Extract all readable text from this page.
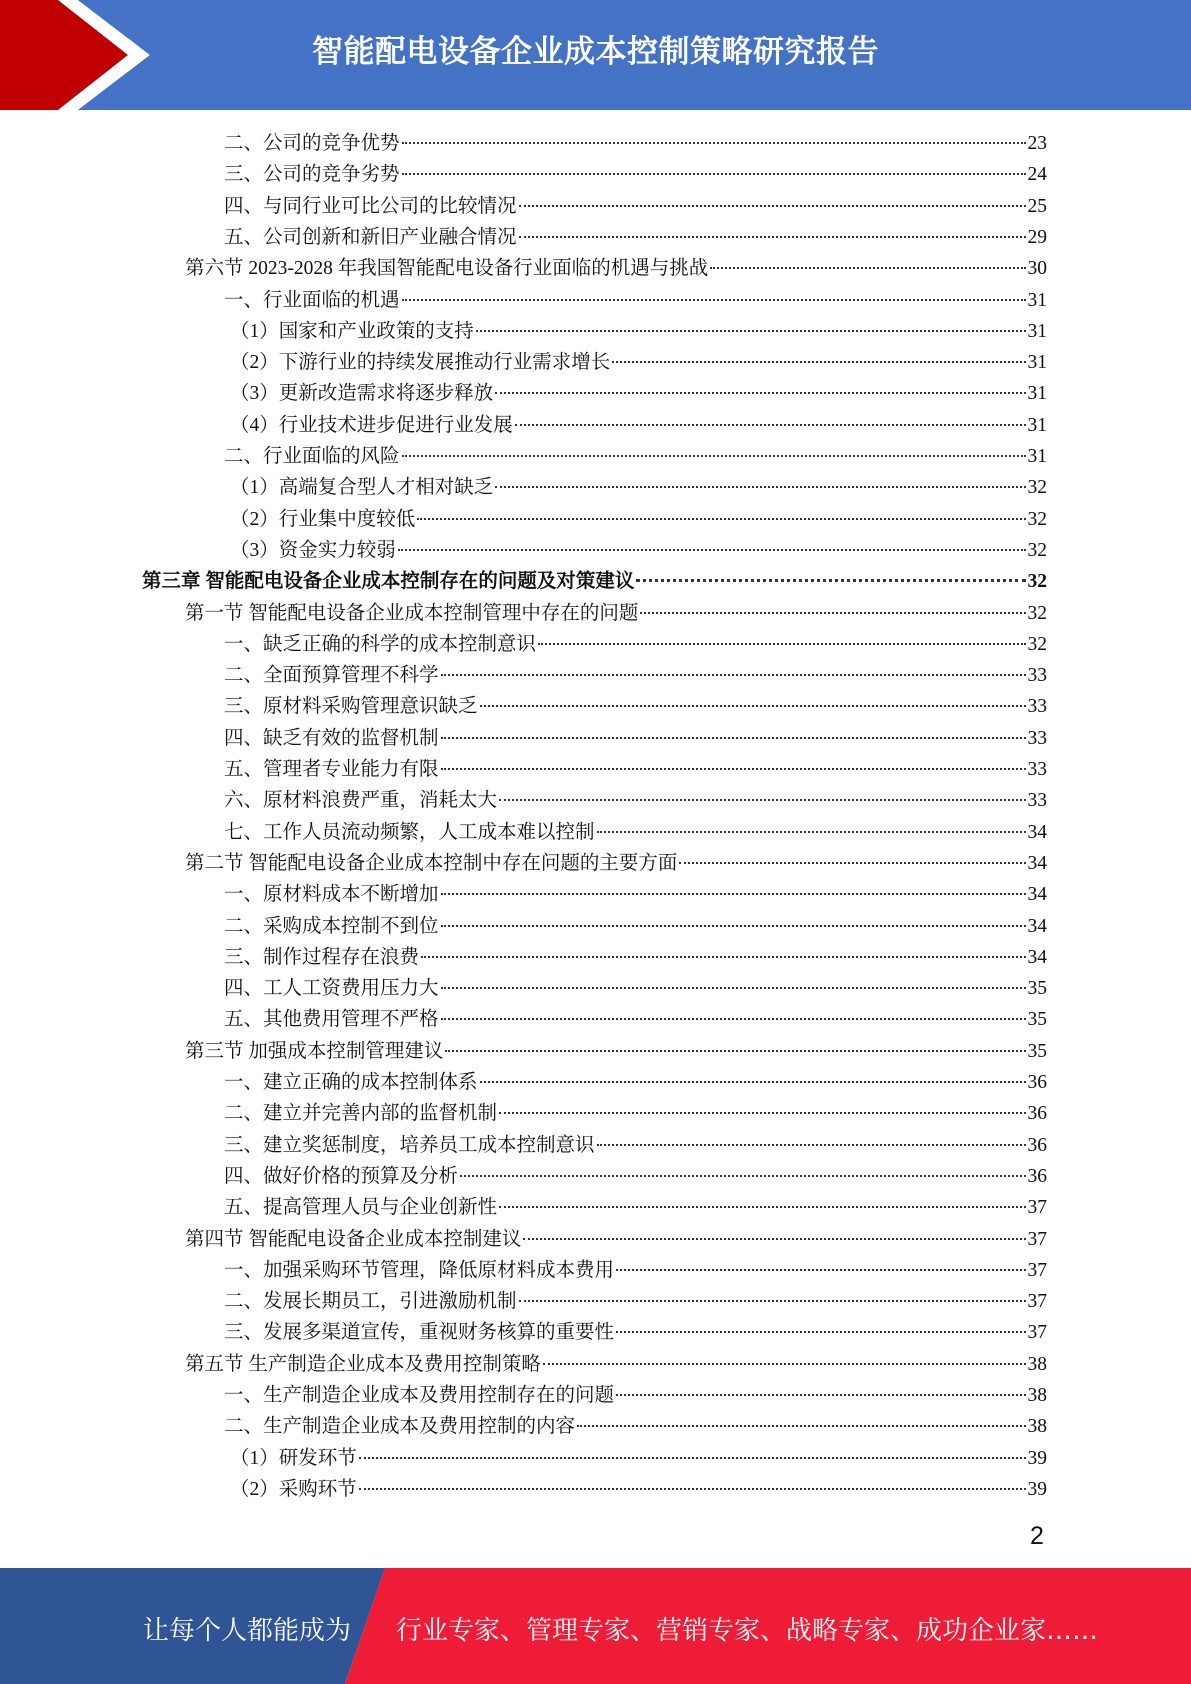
智能配电设备企业成本控制策略研究报告
二、公司的竞争优势	23
三、公司的竞争劣势	24
四、与同行业可比公司的比较情况	25
五、公司创新和新旧产业融合情况	29
第六节 2023-2028 年我国智能配电设备行业面临的机遇与挑战	30
一、行业面临的机遇	31
（1）国家和产业政策的支持	31
（2）下游行业的持续发展推动行业需求增长	31
（3）更新改造需求将逐步释放	31
（4）行业技术进步促进行业发展	31
二、行业面临的风险	31
（1）高端复合型人才相对缺乏	32
（2）行业集中度较低	32
（3）资金实力较弱	32
第三章 智能配电设备企业成本控制存在的问题及对策建议	32
第一节 智能配电设备企业成本控制管理中存在的问题	32
一、缺乏正确的科学的成本控制意识	32
二、全面预算管理不科学	33
三、原材料采购管理意识缺乏	33
四、缺乏有效的监督机制	33
五、管理者专业能力有限	33
六、原材料浪费严重，消耗太大	33
七、工作人员流动频繁，人工成本难以控制	34
第二节 智能配电设备企业成本控制中存在问题的主要方面	34
一、原材料成本不断增加	34
二、采购成本控制不到位	34
三、制作过程存在浪费	34
四、工人工资费用压力大	35
五、其他费用管理不严格	35
第三节 加强成本控制管理建议	35
一、建立正确的成本控制体系	36
二、建立并完善内部的监督机制	36
三、建立奖惩制度，培养员工成本控制意识	36
四、做好价格的预算及分析	36
五、提高管理人员与企业创新性	37
第四节 智能配电设备企业成本控制建议	37
一、加强采购环节管理，降低原材料成本费用	37
二、发展长期员工，引进激励机制	37
三、发展多渠道宣传，重视财务核算的重要性	37
第五节 生产制造企业成本及费用控制策略	38
一、生产制造企业成本及费用控制存在的问题	38
二、生产制造企业成本及费用控制的内容	38
（1）研发环节	39
（2）采购环节	39
2
让每个人都能成为 行业专家、管理专家、营销专家、战略专家、成功企业家……
